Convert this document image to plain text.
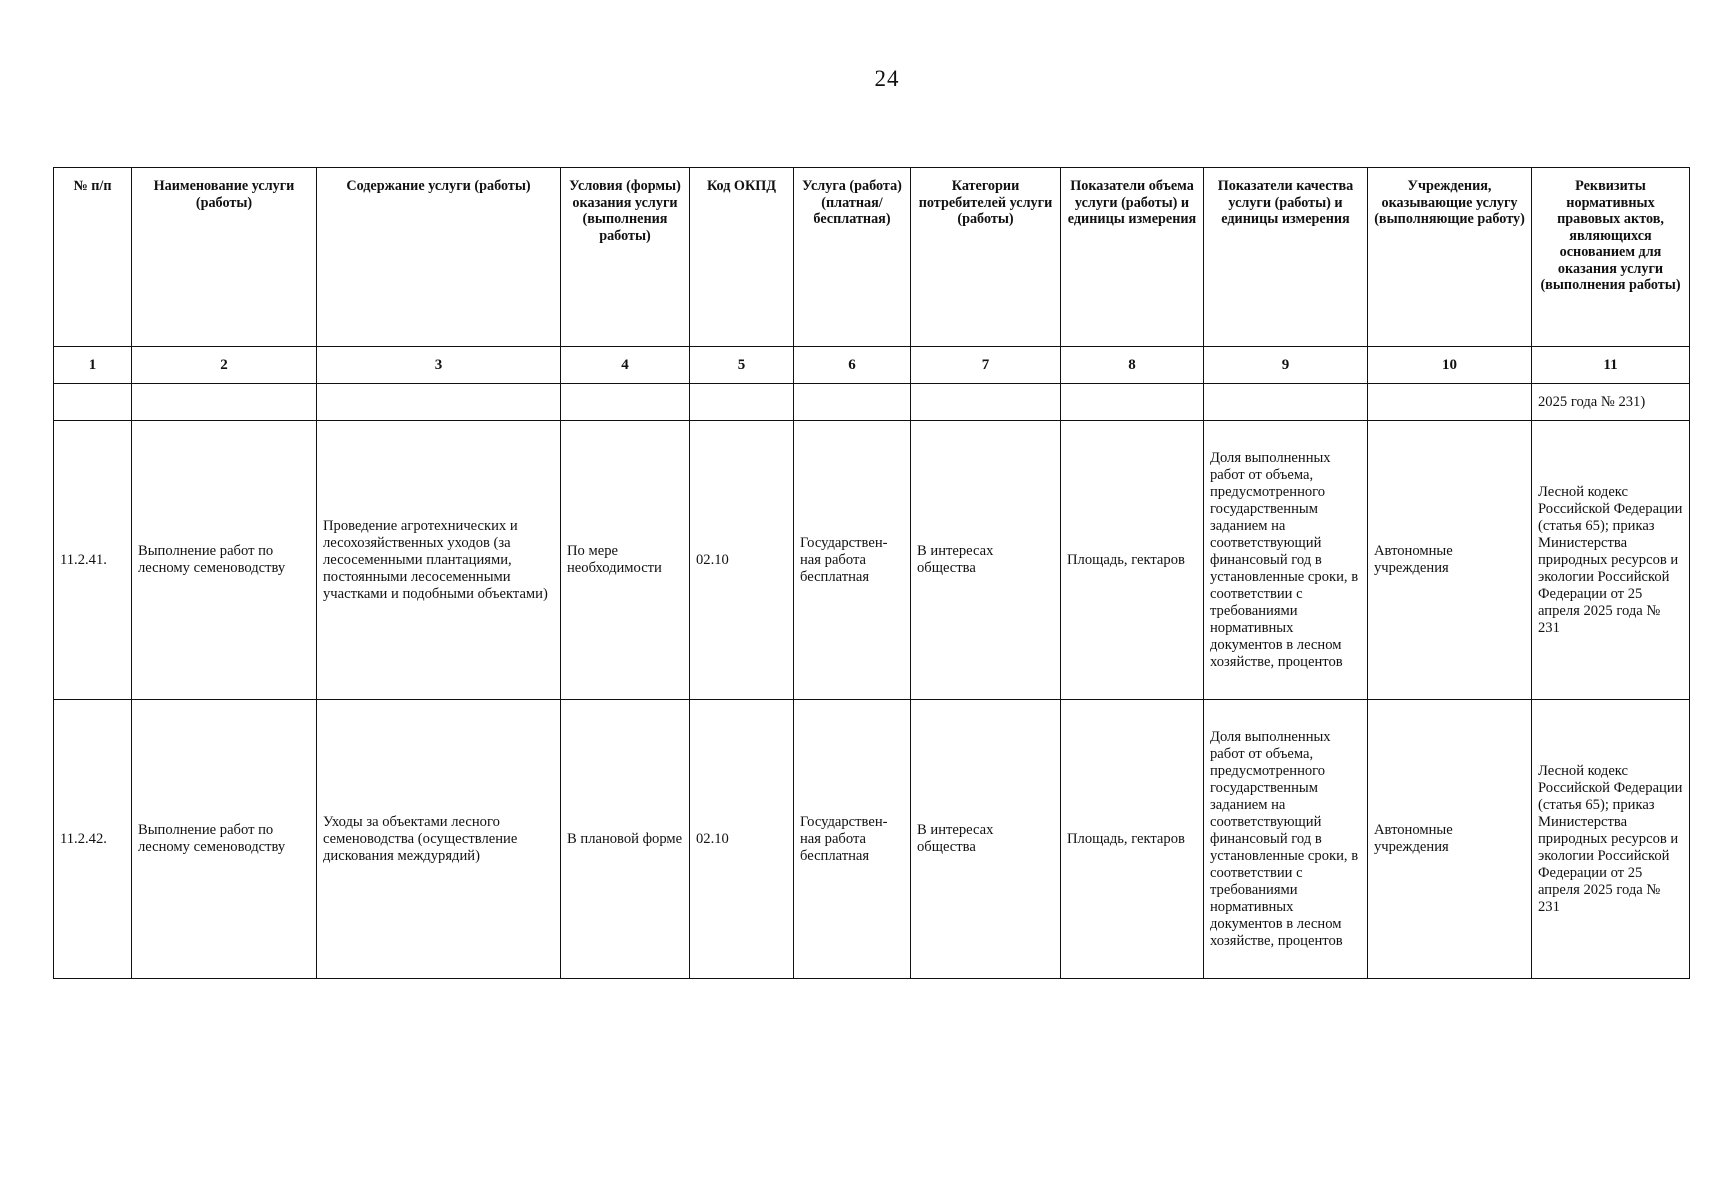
24
№ п/п	Наименование услуги (работы)	Содержание услуги (работы)	Условия (формы) оказания услуги (выполнения работы)	Код ОКПД	Услуга (работа) (платная/ бесплатная)	Категории потребителей услуги (работы)	Показатели объема услуги (работы) и единицы измерения	Показатели качества услуги (работы) и единицы измерения	Учреждения, оказывающие услугу (выполняющие работу)	Реквизиты нормативных правовых актов, являющихся основанием для оказания услуги (выполнения работы)
1	2	3	4	5	6	7	8	9	10	11
										2025 года № 231)
11.2.41.	Выполнение работ по лесному семеноводству	Проведение агротехнических и лесохозяйственных уходов (за лесосеменными плантациями, постоянными лесосеменными участками и подобными объектами)	По мере необходимости	02.10	Государствен-ная работа бесплатная	В интересах общества	Площадь, гектаров	Доля выполненных работ от объема, предусмотренного государственным заданием на соответствующий финансовый год в установленные сроки, в соответствии с требованиями нормативных документов в лесном хозяйстве, процентов	Автономные учреждения	Лесной кодекс Российской Федерации (статья 65); приказ Министерства природных ресурсов и экологии Российской Федерации от 25 апреля 2025 года № 231
11.2.42.	Выполнение работ по лесному семеноводству	Уходы за объектами лесного семеноводства (осуществление дискования междурядий)	В плановой форме	02.10	Государствен-ная работа бесплатная	В интересах общества	Площадь, гектаров	Доля выполненных работ от объема, предусмотренного государственным заданием на соответствующий финансовый год в установленные сроки, в соответствии с требованиями нормативных документов в лесном хозяйстве, процентов	Автономные учреждения	Лесной кодекс Российской Федерации (статья 65); приказ Министерства природных ресурсов и экологии Российской Федерации от 25 апреля 2025 года № 231
